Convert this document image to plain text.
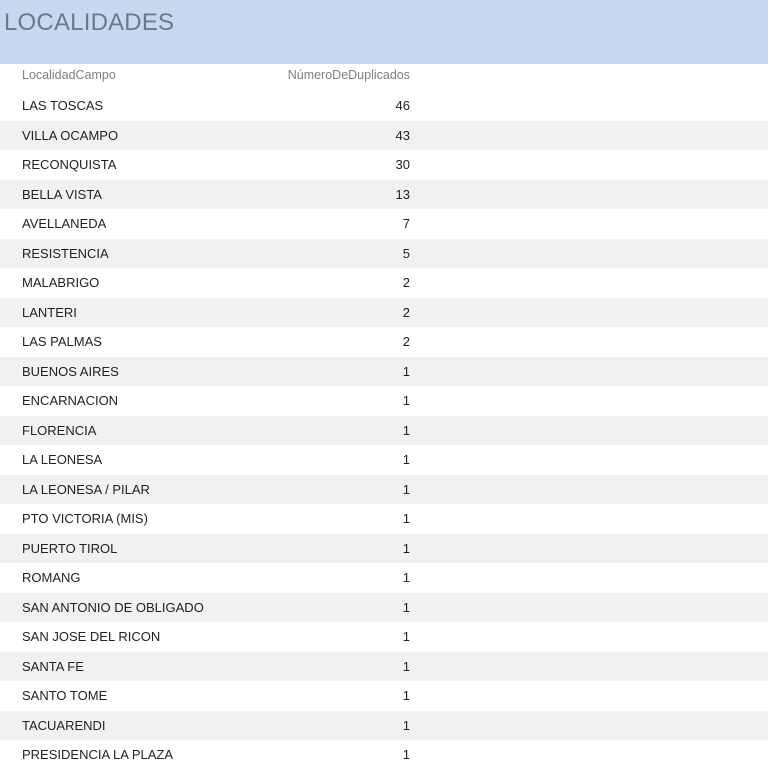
LOCALIDADES
LocalidadCampo	NúmeroDeDuplicados
LAS TOSCAS	46
VILLA OCAMPO	43
RECONQUISTA	30
BELLA VISTA	13
AVELLANEDA	7
RESISTENCIA	5
MALABRIGO	2
LANTERI	2
LAS PALMAS	2
BUENOS AIRES	1
ENCARNACION	1
FLORENCIA	1
LA LEONESA	1
LA LEONESA / PILAR	1
PTO VICTORIA (MIS)	1
PUERTO TIROL	1
ROMANG	1
SAN ANTONIO DE OBLIGADO	1
SAN JOSE DEL RICON	1
SANTA FE	1
SANTO TOME	1
TACUARENDI	1
PRESIDENCIA LA PLAZA	1
